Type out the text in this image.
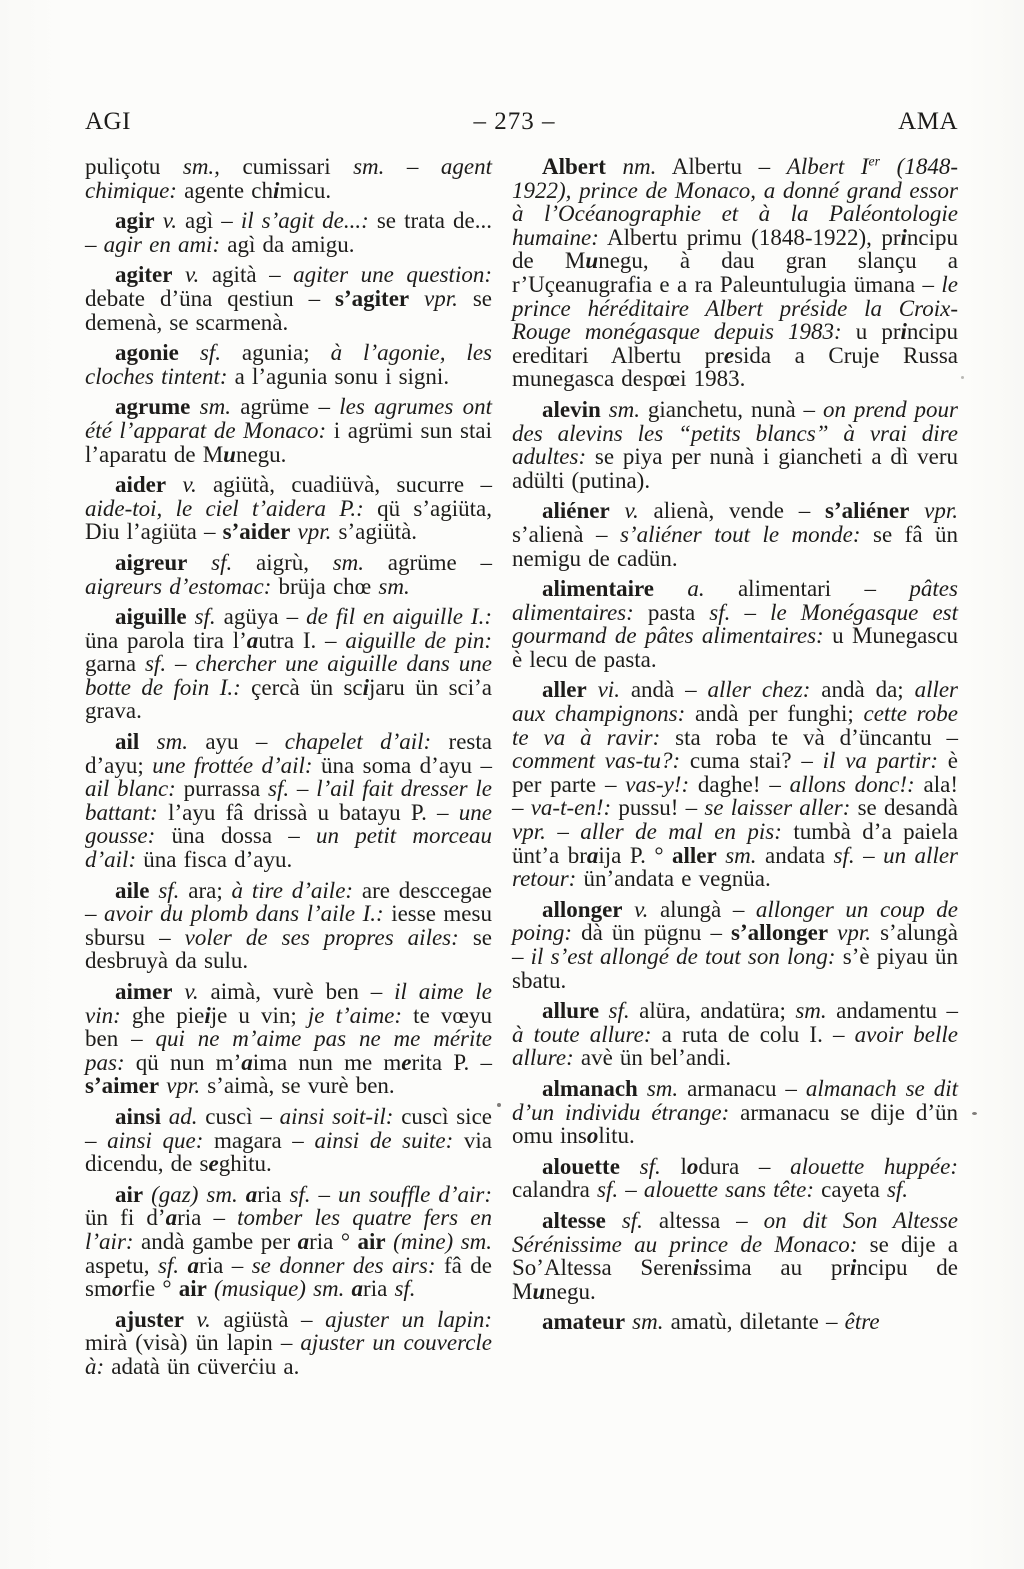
AGI	– 273 –	AMA

puliçotu sm., cumissari sm. – agent chimique: agente chimicu.

agir v. agì – il s’agit de...: se trata de... – agir en ami: agì da amigu.

agiter v. agità – agiter une question: debate d’üna qestiun – s’agiter vpr. se demenà, se scarmenà.

agonie sf. agunia; à l’agonie, les cloches tintent: a l’agunia sonu i signi.

agrume sm. agrüme – les agrumes ont été l’apparat de Monaco: i agrümi sun stai l’aparatu de Munegu.

aider v. agiütà, cuadiüvà, sucurre – aide-toi, le ciel t’aidera P.: qü s’agiüta, Diu l’agiüta – s’aider vpr. s’agiütà.

aigreur sf. aigrù, sm. agrüme – aigreurs d’estomac: brüja chœ sm.

aiguille sf. agüya – de fil en aiguille I.: üna parola tira l’autra I. – aiguille de pin: garna sf. – chercher une aiguille dans une botte de foin I.: çercà ün scijaru ün sci’a grava.

ail sm. ayu – chapelet d’ail: resta d’ayu; une frottée d’ail: üna soma d’ayu – ail blanc: purrassa sf. – l’ail fait dresser le battant: l’ayu fâ drissà u batayu P. – une gousse: üna dossa – un petit morceau d’ail: üna fisca d’ayu.

aile sf. ara; à tire d’aile: are desccegae – avoir du plomb dans l’aile I.: iesse mesu sbursu – voler de ses propres ailes: se desbruyà da sulu.

aimer v. aimà, vurè ben – il aime le vin: ghe pieije u vin; je t’aime: te vœyu ben – qui ne m’aime pas ne me mérite pas: qü nun m’aima nun me merita P. – s’aimer vpr. s’aimà, se vurè ben.

ainsi ad. cuscì – ainsi soit-il: cuscì sice – ainsi que: magara – ainsi de suite: via dicendu, de seghitu.

air (gaz) sm. aria sf. – un souffle d’air: ün fi d’aria – tomber les quatre fers en l’air: andà gambe per aria ° air (mine) sm. aspetu, sf. aria – se donner des airs: fâ de smorfie ° air (musique) sm. aria sf.

ajuster v. agiüstà – ajuster un lapin: mirà (visà) ün lapin – ajuster un couvercle à: adatà ün cüverċiu a.

Albert nm. Albertu – Albert Ier (1848-1922), prince de Monaco, a donné grand essor à l’Océanographie et à la Paléontologie humaine: Albertu primu (1848-1922), principu de Munegu, à dau gran slançu a r’Uçeanugrafia e a ra Paleuntulugia ümana – le prince héréditaire Albert préside la Croix-Rouge monégasque depuis 1983: u principu ereditari Albertu presida a Cruje Russa munegasca despœi 1983.

alevin sm. gianchetu, nunà – on prend pour des alevins les “petits blancs” à vrai dire adultes: se piya per nunà i giancheti a dì veru adülti (putina).

aliéner v. alienà, vende – s’aliéner vpr. s’alienà – s’aliéner tout le monde: se fâ ün nemigu de cadün.

alimentaire a. alimentari – pâtes alimentaires: pasta sf. – le Monégasque est gourmand de pâtes alimentaires: u Munegascu è lecu de pasta.

aller vi. andà – aller chez: andà da; aller aux champignons: andà per funghi; cette robe te va à ravir: sta roba te và d’üncantu – comment vas-tu?: cuma stai? – il va partir: è per parte – vas-y!: daghe! – allons donc!: ala! – va-t-en!: pussu! – se laisser aller: se desandà vpr. – aller de mal en pis: tumbà d’a paiela ünt’a braija P. ° aller sm. andata sf. – un aller retour: ün’andata e vegnüa.

allonger v. alungà – allonger un coup de poing: dà ün pügnu – s’allonger vpr. s’alungà – il s’est allongé de tout son long: s’è piyau ün sbatu.

allure sf. alüra, andatüra; sm. andamentu – à toute allure: a ruta de colu I. – avoir belle allure: avè ün bel’andi.

almanach sm. armanacu – almanach se dit d’un individu étrange: armanacu se dije d’ün omu insolitu.

alouette sf. lodura – alouette huppée: calandra sf. – alouette sans tête: cayeta sf.

altesse sf. altessa – on dit Son Altesse Sérénissime au prince de Monaco: se dije a So’Altessa Serenissima au principu de Munegu.

amateur sm. amatù, diletante – être
